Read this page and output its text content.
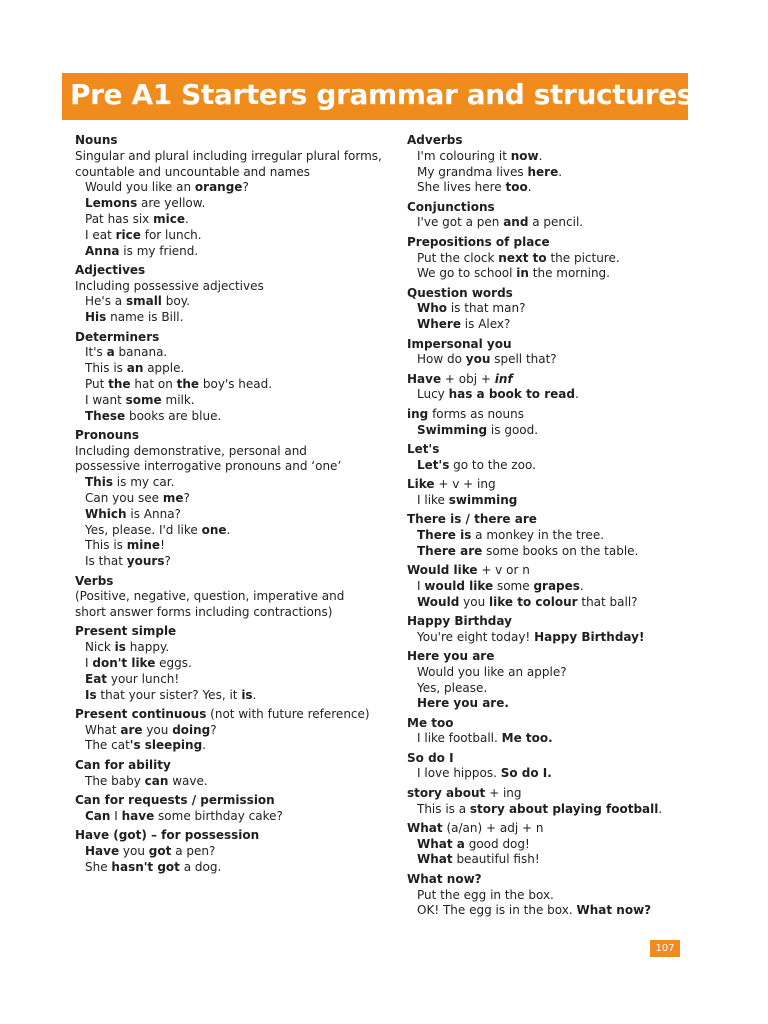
Pre A1 Starters grammar and structures list
Nouns
Singular and plural including irregular plural forms,
countable and uncountable and names
Would you like an orange?
Lemons are yellow.
Pat has six mice.
I eat rice for lunch.
Anna is my friend.
Adjectives
Including possessive adjectives
He's a small boy.
His name is Bill.
Determiners
It's a banana.
This is an apple.
Put the hat on the boy's head.
I want some milk.
These books are blue.
Pronouns
Including demonstrative, personal and
possessive interrogative pronouns and ‘one’
This is my car.
Can you see me?
Which is Anna?
Yes, please. I'd like one.
This is mine!
Is that yours?
Verbs
(Positive, negative, question, imperative and
short answer forms including contractions)
Present simple
Nick is happy.
I don't like eggs.
Eat your lunch!
Is that your sister? Yes, it is.
Present continuous (not with future reference)
What are you doing?
The cat's sleeping.
Can for ability
The baby can wave.
Can for requests / permission
Can I have some birthday cake?
Have (got) – for possession
Have you got a pen?
She hasn't got a dog.
Adverbs
I'm colouring it now.
My grandma lives here.
She lives here too.
Conjunctions
I've got a pen and a pencil.
Prepositions of place
Put the clock next to the picture.
We go to school in the morning.
Question words
Who is that man?
Where is Alex?
Impersonal you
How do you spell that?
Have + obj + inf
Lucy has a book to read.
ing forms as nouns
Swimming is good.
Let's
Let's go to the zoo.
Like + v + ing
I like swimming
There is / there are
There is a monkey in the tree.
There are some books on the table.
Would like + v or n
I would like some grapes.
Would you like to colour that ball?
Happy Birthday
You're eight today! Happy Birthday!
Here you are
Would you like an apple?
Yes, please.
Here you are.
Me too
I like football. Me too.
So do I
I love hippos. So do I.
story about + ing
This is a story about playing football.
What (a/an) + adj + n
What a good dog!
What beautiful fish!
What now?
Put the egg in the box.
OK! The egg is in the box. What now?
107
